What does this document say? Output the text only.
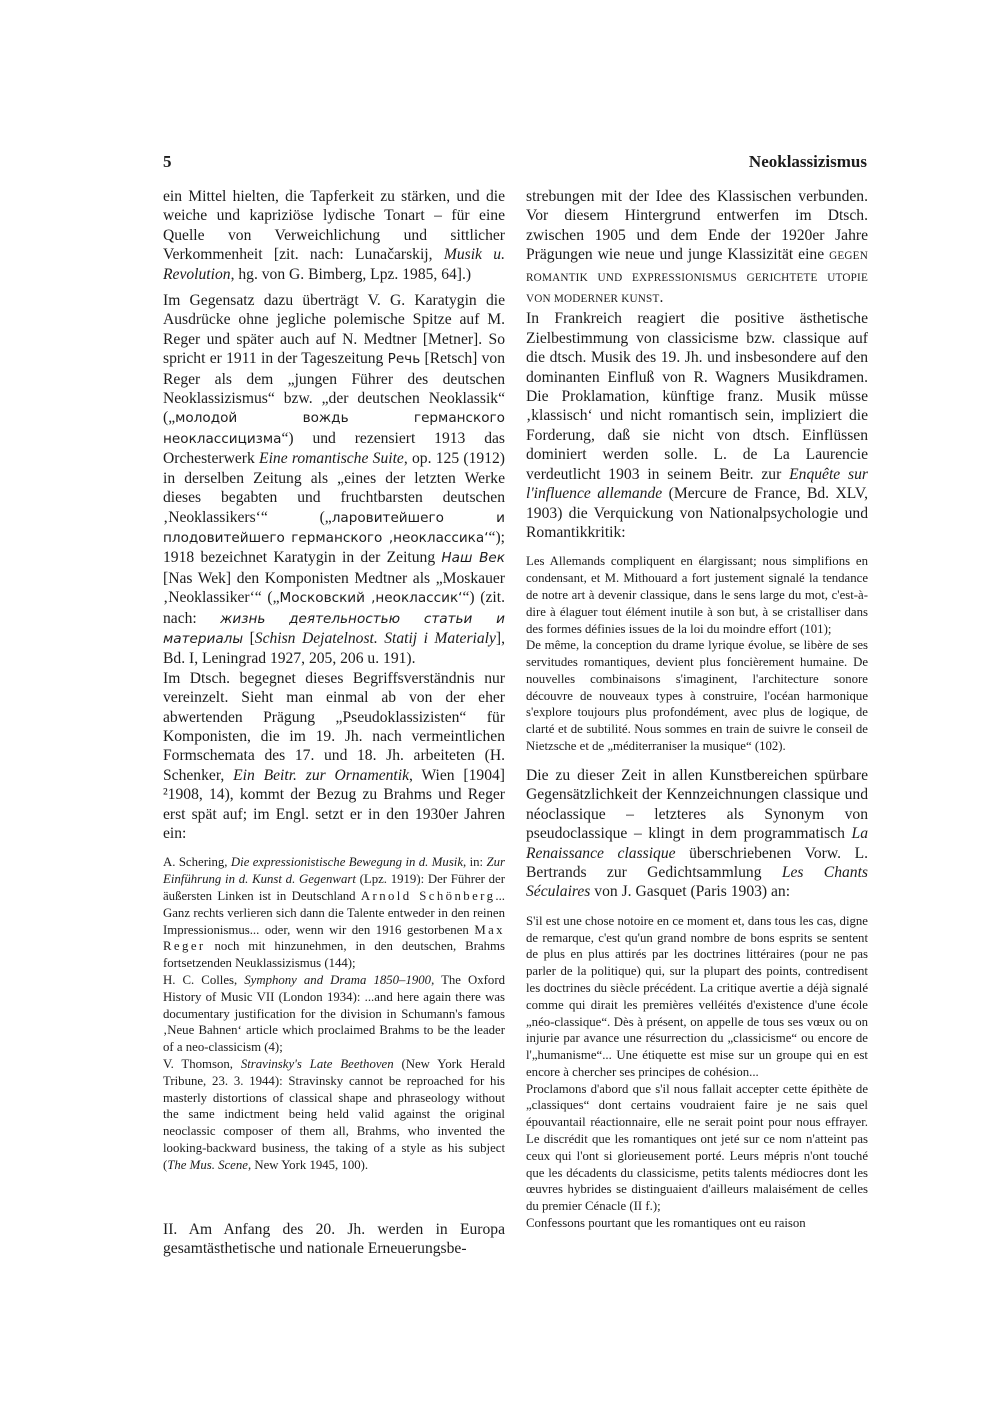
5	Neoklassizismus

ein Mittel hielten, die Tapferkeit zu stärken, und die weiche und kapriziöse lydische Tonart – für eine Quelle von Verweichlichung und sittlicher Verkommenheit [zit. nach: Lunačarskij, Musik u. Revolution, hg. von G. Bimberg, Lpz. 1985, 64].)

Im Gegensatz dazu überträgt V. G. Karatygin die Ausdrücke ohne jegliche polemische Spitze auf M. Reger und später auch auf N. Medtner [Metner]. So spricht er 1911 in der Tageszeitung Речь [Retsch] von Reger als dem „jungen Führer des deutschen Neoklassizismus“ bzw. „der deutschen Neoklassik“ („молодой вождь германского неоклассицизма“) und rezensiert 1913 das Orchesterwerk Eine romantische Suite, op. 125 (1912) in derselben Zeitung als „eines der letzten Werke dieses begabten und fruchtbarsten deutschen ‚Neoklassikers‘“ („лаpовитейшего и плодовитейшего германского ‚неоклассика‘“); 1918 bezeichnet Karatygin in der Zeitung Наш Век [Nas Wek] den Komponisten Medtner als „Moskauer ‚Neoklassiker‘“ („Московский ‚неоклассик‘“) (zit. nach: жизнь деятельностью статьи и материалы [Schisn Dejatelnost. Statij i Materialy], Bd. I, Leningrad 1927, 205, 206 u. 191).

Im Dtsch. begegnet dieses Begriffsverständnis nur vereinzelt. Sieht man einmal ab von der eher abwertenden Prägung „Pseudoklassizisten“ für Komponisten, die im 19. Jh. nach vermeintlichen Formschemata des 17. und 18. Jh. arbeiteten (H. Schenker, Ein Beitr. zur Ornamentik, Wien [1904] ²1908, 14), kommt der Bezug zu Brahms und Reger erst spät auf; im Engl. setzt er in den 1930er Jahren ein:

A. Schering, Die expressionistische Bewegung in d. Musik, in: Zur Einführung in d. Kunst d. Gegenwart (Lpz. 1919): Der Führer der äußersten Linken ist in Deutschland Arnold Schönberg... Ganz rechts verlieren sich dann die Talente entweder in den reinen Impressionismus... oder, wenn wir den 1916 gestorbenen Max Reger noch mit hinzunehmen, in den deutschen, Brahms fortsetzenden Neuklassizismus (144);

H. C. Colles, Symphony and Drama 1850–1900, The Oxford History of Music VII (London 1934): ...and here again there was documentary justification for the division in Schumann's famous ‚Neue Bahnen‘ article which proclaimed Brahms to be the leader of a neo-classicism (4);

V. Thomson, Stravinsky's Late Beethoven (New York Herald Tribune, 23. 3. 1944): Stravinsky cannot be reproached for his masterly distortions of classical shape and phraseology without the same indictment being held valid against the original neoclassic composer of them all, Brahms, who invented the looking-backward business, the taking of a style as his subject (The Mus. Scene, New York 1945, 100).

II. Am Anfang des 20. Jh. werden in Europa gesamtästhetische und nationale Erneuerungsbe-

strebungen mit der Idee des Klassischen verbunden. Vor diesem Hintergrund entwerfen im Dtsch. zwischen 1905 und dem Ende der 1920er Jahre Prägungen wie neue und junge Klassizität eine GEGEN ROMANTIK UND EXPRESSIONISMUS GERICHTETE UTOPIE VON MODERNER KUNST.

In Frankreich reagiert die positive ästhetische Zielbestimmung von classicisme bzw. classique auf die dtsch. Musik des 19. Jh. und insbesondere auf den dominanten Einfluß von R. Wagners Musikdramen. Die Proklamation, künftige franz. Musik müsse ‚klassisch‘ und nicht romantisch sein, impliziert die Forderung, daß sie nicht von dtsch. Einflüssen dominiert werden solle. L. de La Laurencie verdeutlicht 1903 in seinem Beitr. zur Enquête sur l'influence allemande (Mercure de France, Bd. XLV, 1903) die Verquickung von Nationalpsychologie und Romantikkritik:

Les Allemands compliquent en élargissant; nous simplifions en condensant, et M. Mithouard a fort justement signalé la tendance de notre art à devenir classique, dans le sens large du mot, c'est-à-dire à élaguer tout élément inutile à son but, à se cristalliser dans des formes définies issues de la loi du moindre effort (101);

De même, la conception du drame lyrique évolue, se libère de ses servitudes romantiques, devient plus foncièrement humaine. De nouvelles combinaisons s'imaginent, l'architecture sonore découvre de nouveaux types à construire, l'océan harmonique s'explore toujours plus profondément, avec plus de logique, de clarté et de subtilité. Nous sommes en train de suivre le conseil de Nietzsche et de „méditerraniser la musique“ (102).

Die zu dieser Zeit in allen Kunstbereichen spürbare Gegensätzlichkeit der Kennzeichnungen classique und néoclassique – letzteres als Synonym von pseudoclassique – klingt in dem programmatisch La Renaissance classique überschriebenen Vorw. L. Bertrands zur Gedichtsammlung Les Chants Séculaires von J. Gasquet (Paris 1903) an:

S'il est une chose notoire en ce moment et, dans tous les cas, digne de remarque, c'est qu'un grand nombre de bons esprits se sentent de plus en plus attirés par les doctrines littéraires (pour ne pas parler de la politique) qui, sur la plupart des points, contredisent les doctrines du siècle précédent. La critique avertie a déjà signalé comme qui dirait les premières velléités d'existence d'une école „néo-classique“. Dès à présent, on appelle de tous ses vœux ou on injurie par avance une résurrection du „classicisme“ ou encore de l'„humanisme“... Une étiquette est mise sur un groupe qui en est encore à chercher ses principes de cohésion...

Proclamons d'abord que s'il nous fallait accepter cette épithète de „classiques“ dont certains voudraient faire je ne sais quel épouvantail réactionnaire, elle ne serait point pour nous effrayer. Le discrédit que les romantiques ont jeté sur ce nom n'atteint pas ceux qui l'ont si glorieusement porté. Leurs mépris n'ont touché que les décadents du classicisme, petits talents médiocres dont les œuvres hybrides se distinguaient d'ailleurs malaisément de celles du premier Cénacle (II f.);

Confessons pourtant que les romantiques ont eu raison
